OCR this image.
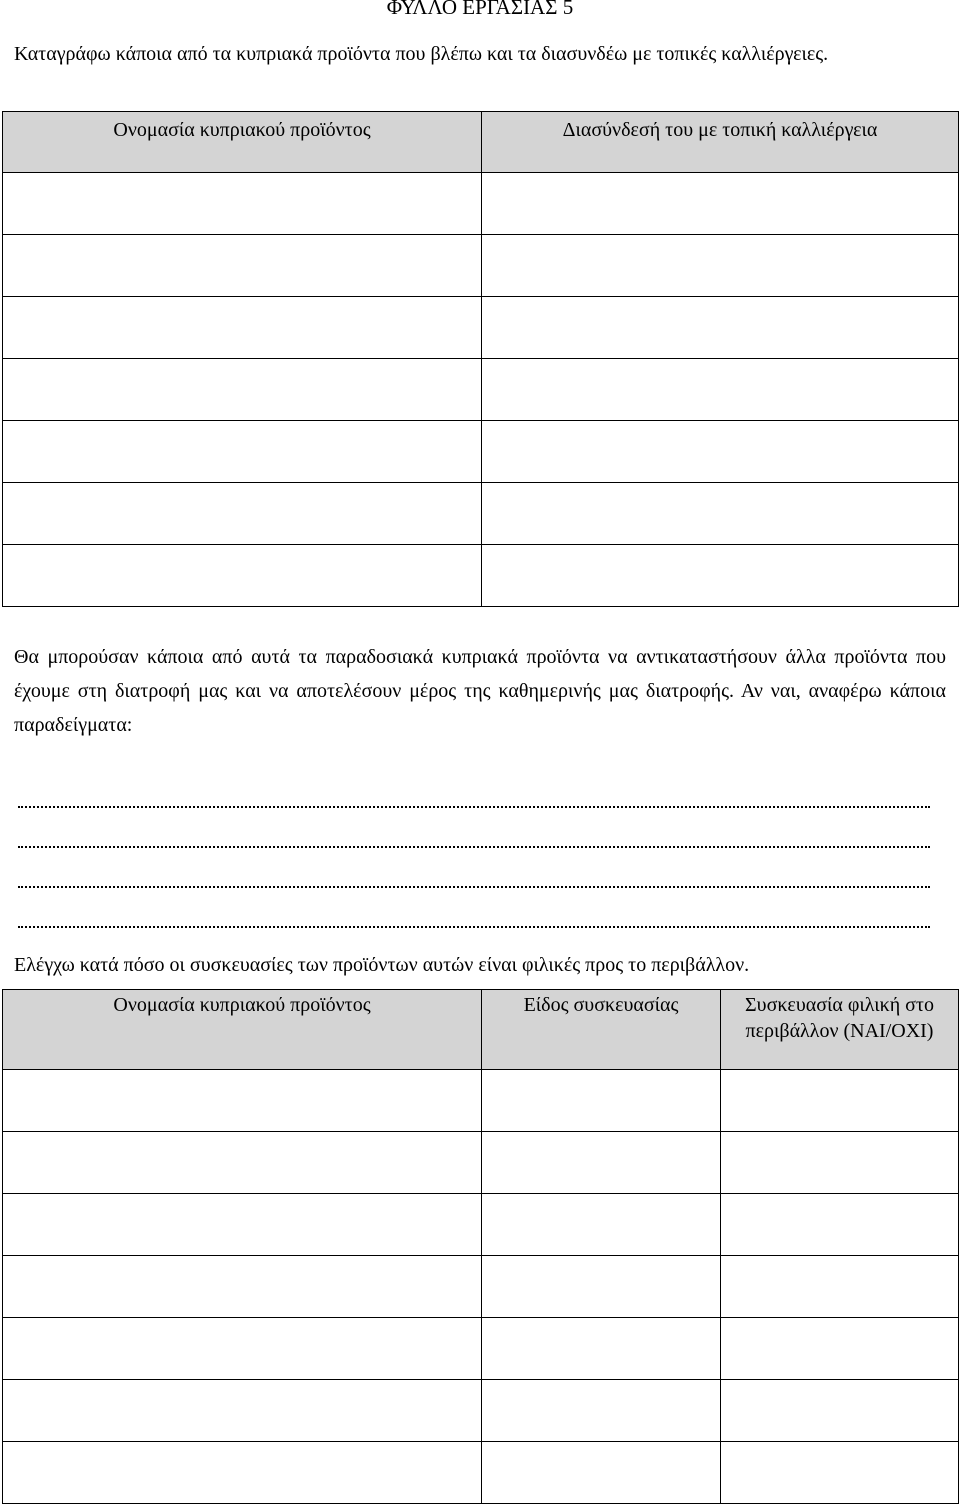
ΦΥΛΛΟ ΕΡΓΑΣΙΑΣ 5
Καταγράφω κάποια από τα κυπριακά προϊόντα που βλέπω και τα διασυνδέω με τοπικές καλλιέργειες.
Ονομασία κυπριακού προϊόντος	Διασύνδεσή του με τοπική καλλιέργεια

Θα μπορούσαν κάποια από αυτά τα παραδοσιακά κυπριακά προϊόντα να αντικαταστήσουν άλλα προϊόντα που έχουμε στη διατροφή μας και να αποτελέσουν μέρος της καθημερινής μας διατροφής. Αν ναι, αναφέρω κάποια παραδείγματα:
Ελέγχω κατά πόσο οι συσκευασίες των προϊόντων αυτών είναι φιλικές προς το περιβάλλον.
Ονομασία κυπριακού προϊόντος	Είδος συσκευασίας	Συσκευασία φιλική στο περιβάλλον (ΝΑΙ/ΟΧΙ)
